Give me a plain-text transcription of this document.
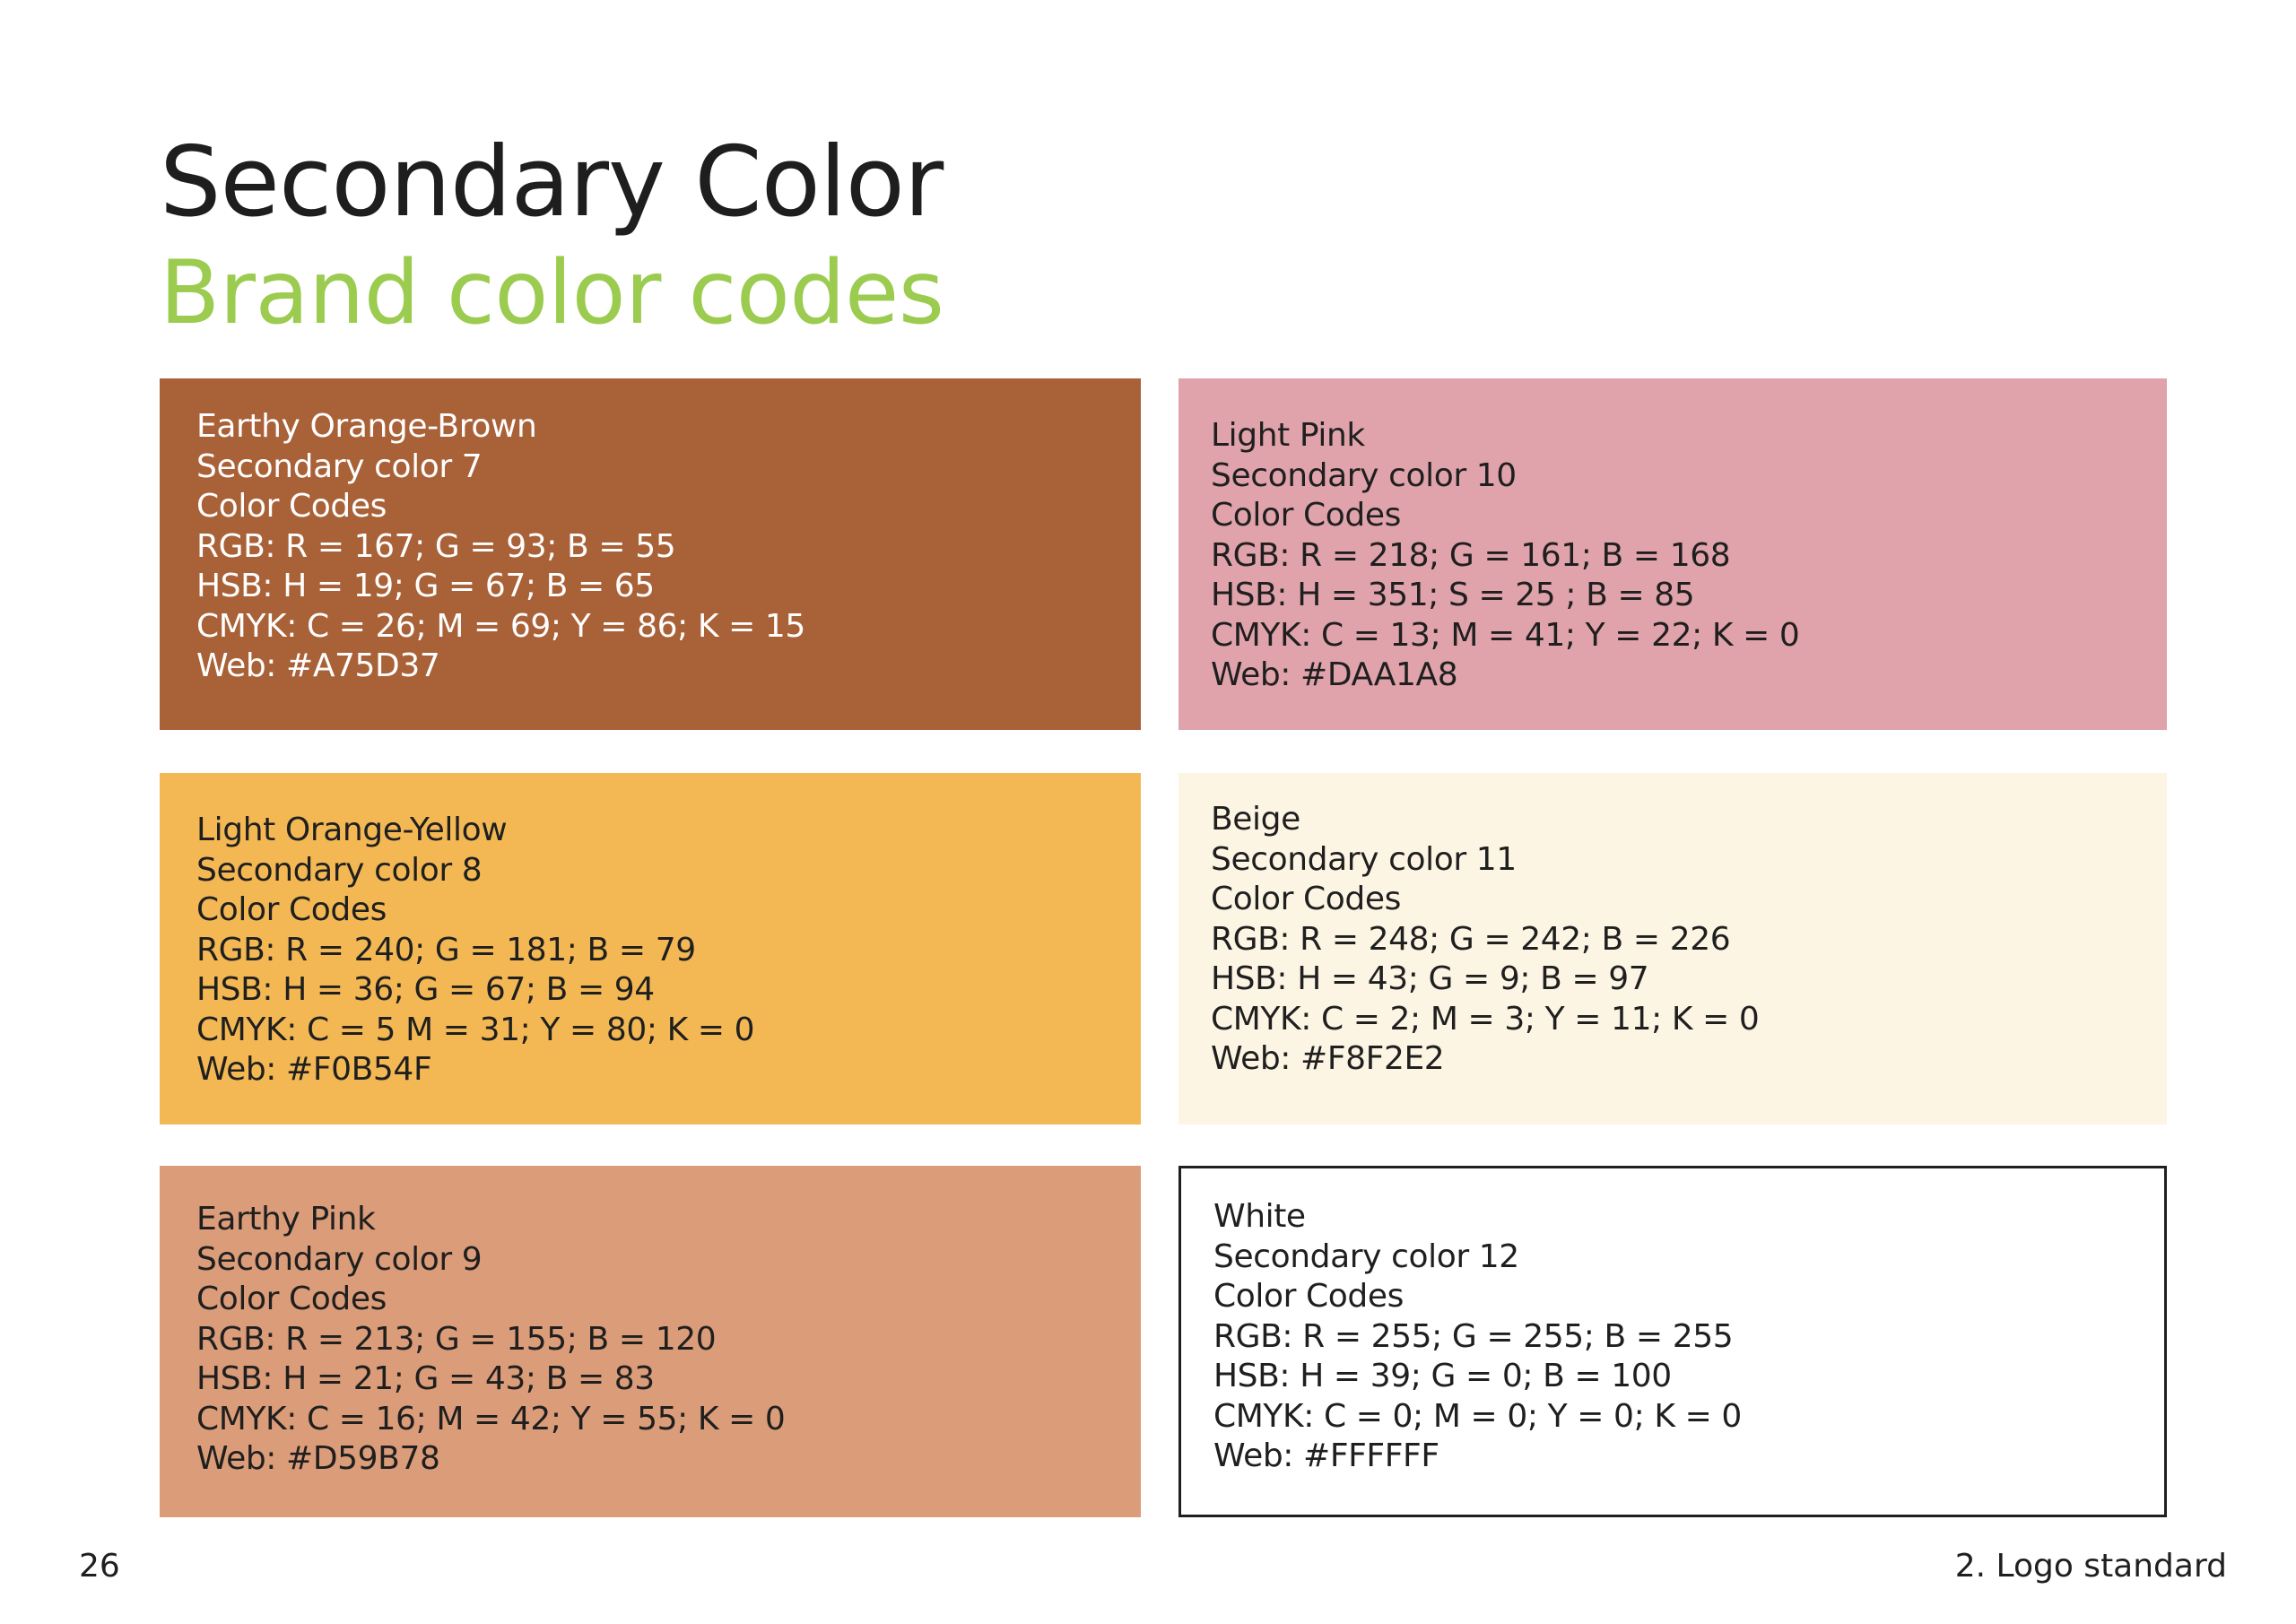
Secondary Color
Brand color codes
Earthy Orange-Brown
Secondary color 7
Color Codes
RGB: R = 167; G = 93; B = 55
HSB: H = 19; G = 67; B = 65
CMYK: C = 26; M = 69; Y = 86; K = 15
Web: #A75D37
Light Pink
Secondary color 10
Color Codes
RGB: R = 218; G = 161; B = 168
HSB: H = 351; S = 25 ; B = 85
CMYK: C = 13; M = 41; Y = 22; K = 0
Web: #DAA1A8
Light Orange-Yellow
Secondary color 8
Color Codes
RGB: R = 240; G = 181; B = 79
HSB: H = 36; G = 67; B = 94
CMYK: C = 5 M = 31; Y = 80; K = 0
Web: #F0B54F
Beige
Secondary color 11
Color Codes
RGB: R = 248; G = 242; B = 226
HSB: H = 43; G = 9; B = 97
CMYK: C = 2; M = 3; Y = 11; K = 0
Web: #F8F2E2
Earthy Pink
Secondary color 9
Color Codes
RGB: R = 213; G = 155; B = 120
HSB: H = 21; G = 43; B = 83
CMYK: C = 16; M = 42; Y = 55; K = 0
Web: #D59B78
White
Secondary color 12
Color Codes
RGB: R = 255; G = 255; B = 255
HSB: H = 39; G = 0; B = 100
CMYK: C = 0; M = 0; Y = 0; K = 0
Web: #FFFFFF
26	2. Logo standard
